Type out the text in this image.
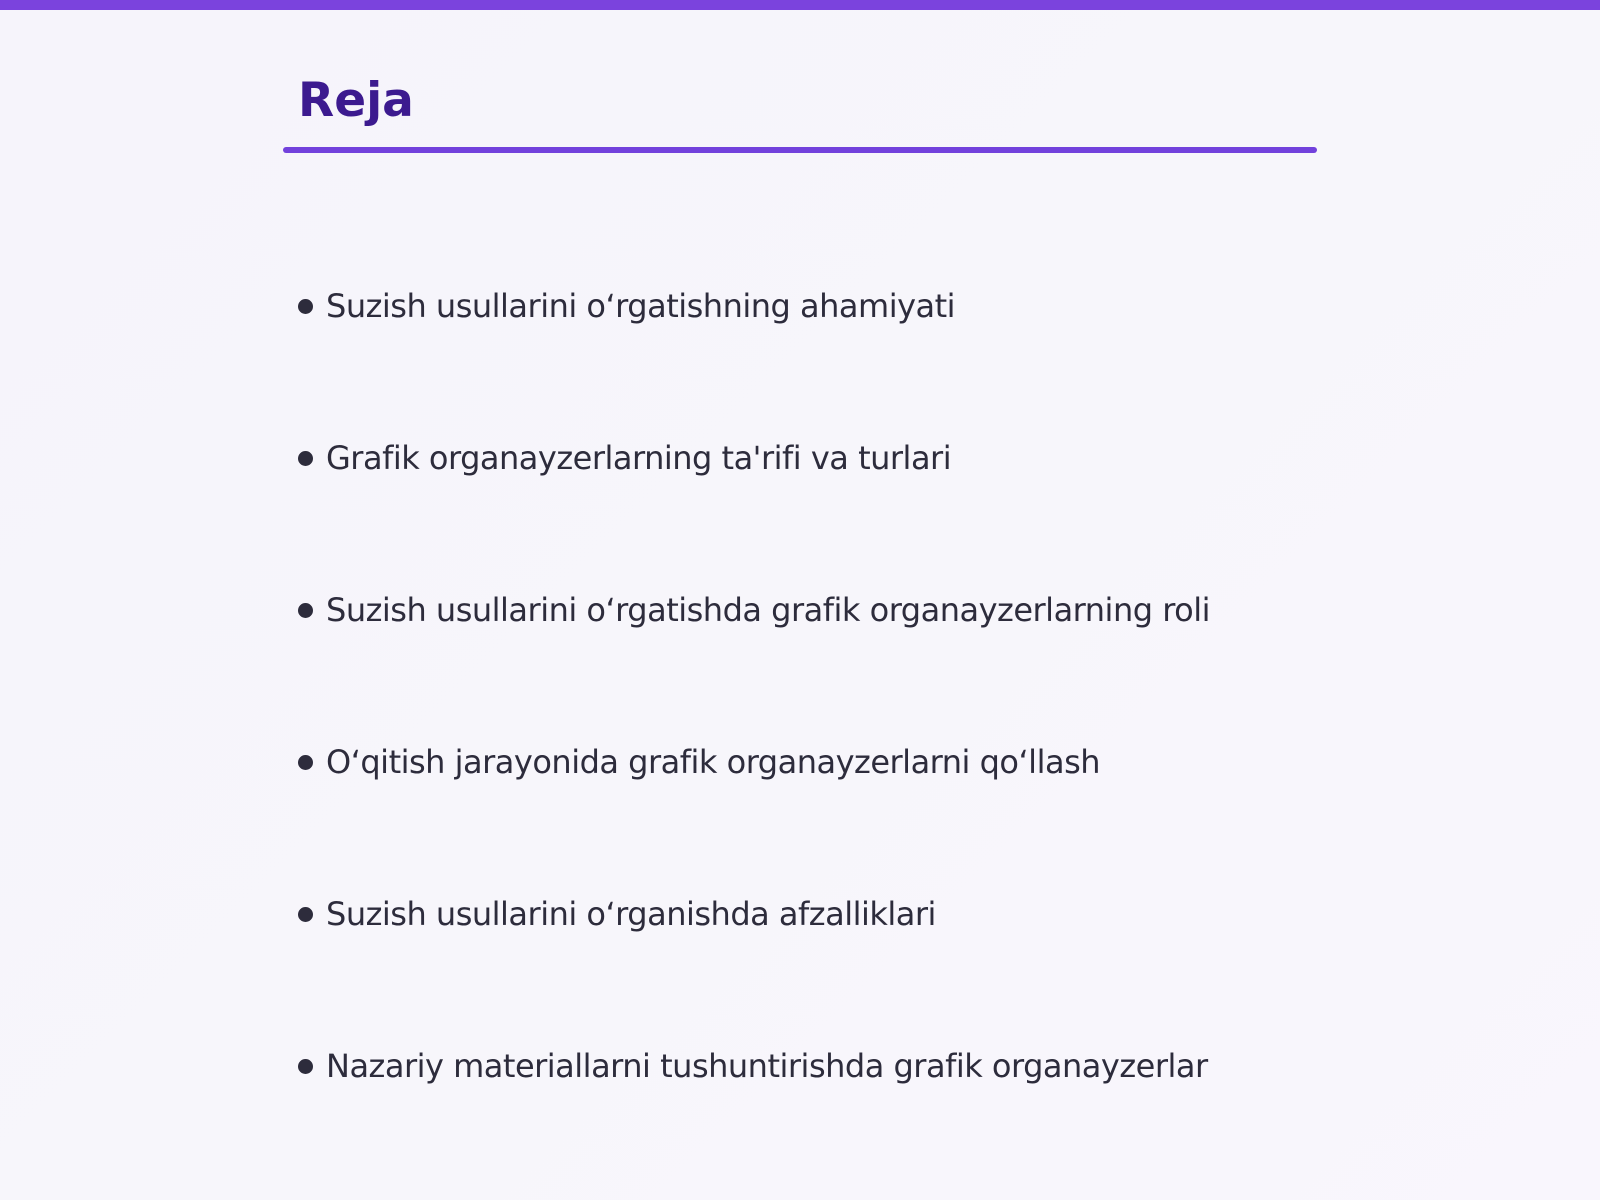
Reja
Suzish usullarini o‘rgatishning ahamiyati
Grafik organayzerlarning ta'rifi va turlari
Suzish usullarini o‘rgatishda grafik organayzerlarning roli
O‘qitish jarayonida grafik organayzerlarni qo‘llash
Suzish usullarini o‘rganishda afzalliklari
Nazariy materiallarni tushuntirishda grafik organayzerlar
